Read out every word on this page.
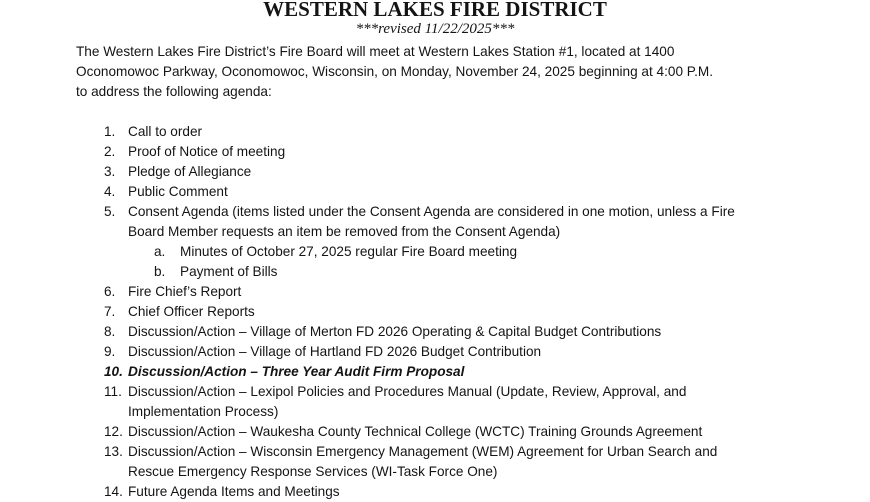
WESTERN LAKES FIRE DISTRICT
***revised 11/22/2025***
The Western Lakes Fire District’s Fire Board will meet at Western Lakes Station #1, located at 1400
Oconomowoc Parkway, Oconomowoc, Wisconsin, on Monday, November 24, 2025 beginning at 4:00 P.M.
to address the following agenda:
1. Call to order
2. Proof of Notice of meeting
3. Pledge of Allegiance
4. Public Comment
5. Consent Agenda (items listed under the Consent Agenda are considered in one motion, unless a Fire
Board Member requests an item be removed from the Consent Agenda)
a. Minutes of October 27, 2025 regular Fire Board meeting
b. Payment of Bills
6. Fire Chief’s Report
7. Chief Officer Reports
8. Discussion/Action – Village of Merton FD 2026 Operating & Capital Budget Contributions
9. Discussion/Action – Village of Hartland FD 2026 Budget Contribution
10. Discussion/Action – Three Year Audit Firm Proposal
11. Discussion/Action – Lexipol Policies and Procedures Manual (Update, Review, Approval, and
Implementation Process)
12. Discussion/Action – Waukesha County Technical College (WCTC) Training Grounds Agreement
13. Discussion/Action – Wisconsin Emergency Management (WEM) Agreement for Urban Search and
Rescue Emergency Response Services (WI-Task Force One)
14. Future Agenda Items and Meetings
